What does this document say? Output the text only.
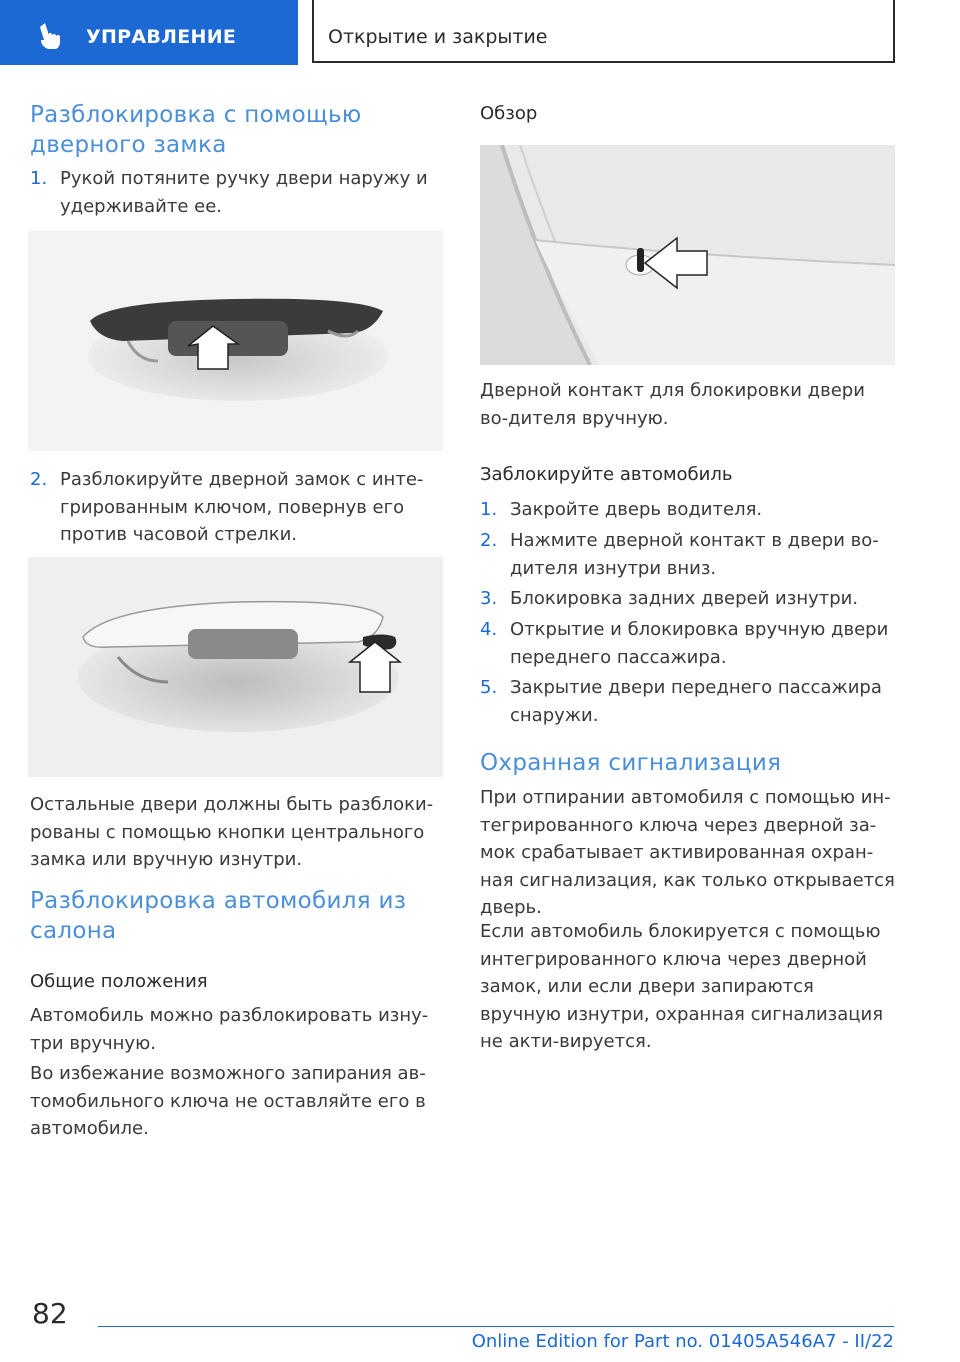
УПРАВЛЕНИЕ	Открытие и закрытие
Разблокировка с помощью дверного замка
1. Рукой потяните ручку двери наружу и удерживайте ее.
2. Разблокируйте дверной замок с инте-грированным ключом, повернув его против часовой стрелки.

Остальные двери должны быть разблоки-рованы с помощью кнопки центрального замка или вручную изнутри.

Разблокировка автомобиля из салона
Общие положения

Автомобиль можно разблокировать изну-три вручную.

Во избежание возможного запирания ав-томобильного ключа не оставляйте его в автомобиле.

Обзор

Дверной контакт для блокировки двери во-дителя вручную.

Заблокируйте автомобиль
1. Закройте дверь водителя.
2. Нажмите дверной контакт в двери во-дителя изнутри вниз.
3. Блокировка задних дверей изнутри.
4. Открытие и блокировка вручную двери переднего пассажира.
5. Закрытие двери переднего пассажира снаружи.
Охранная сигнализация

При отпирании автомобиля с помощью ин-тегрированного ключа через дверной за-мок срабатывает активированная охран-ная сигнализация, как только открывается дверь.

Если автомобиль блокируется с помощью интегрированного ключа через дверной замок, или если двери запираются вручную изнутри, охранная сигнализация не акти-вируется.

82
Online Edition for Part no. 01405A546A7 - II/22
